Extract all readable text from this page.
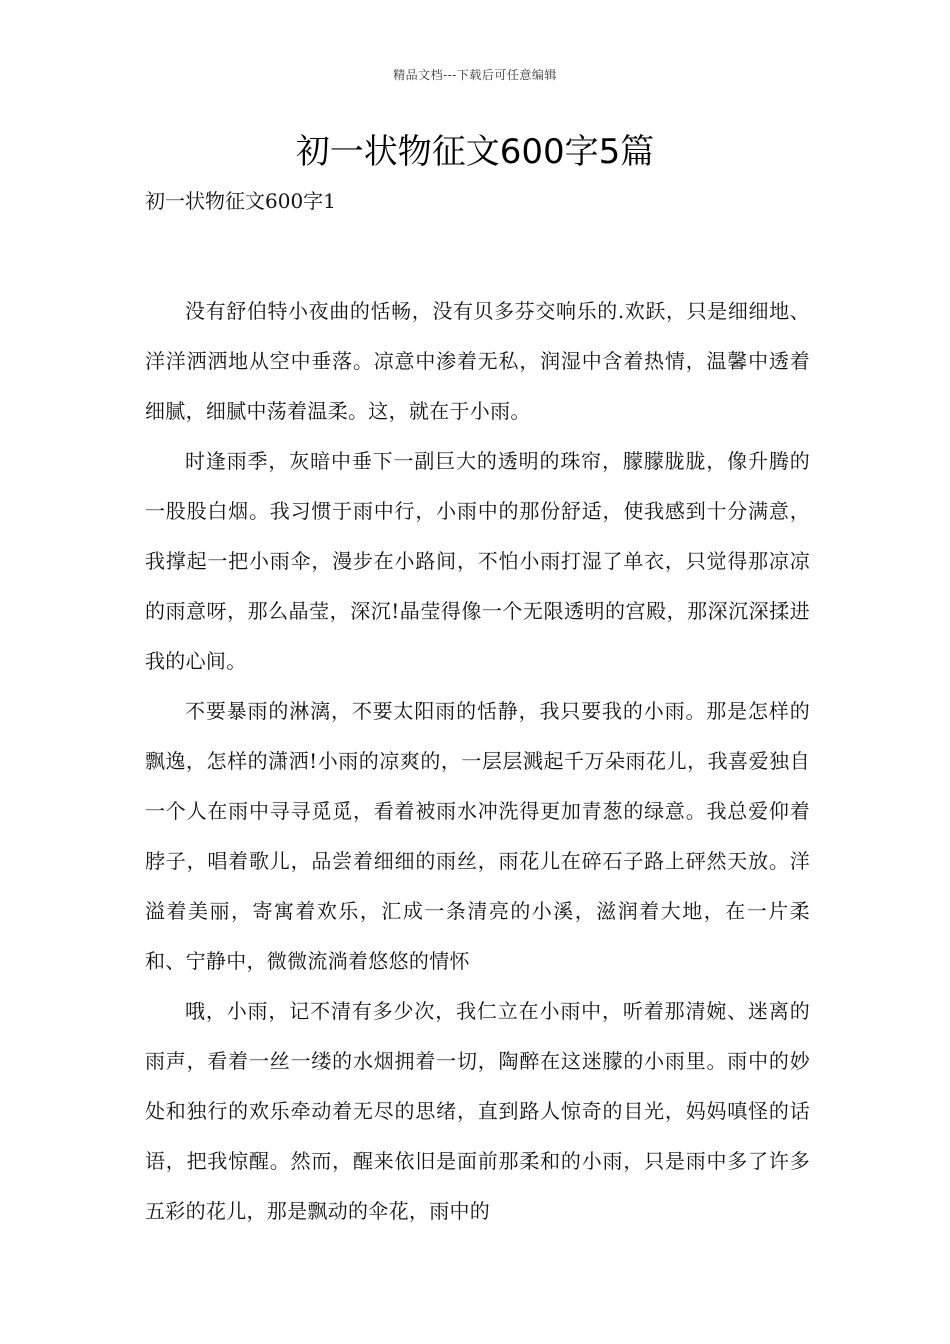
精品文档---下载后可任意编辑
初一状物征文600字5篇
初一状物征文600字1

没有舒伯特小夜曲的恬畅，没有贝多芬交响乐的.欢跃，只是细细地、洋洋洒洒地从空中垂落。凉意中渗着无私，润湿中含着热情，温馨中透着细腻，细腻中荡着温柔。这，就在于小雨。

时逢雨季，灰暗中垂下一副巨大的透明的珠帘，朦朦胧胧，像升腾的一股股白烟。我习惯于雨中行，小雨中的那份舒适，使我感到十分满意，我撑起一把小雨伞，漫步在小路间，不怕小雨打湿了单衣，只觉得那凉凉的雨意呀，那么晶莹，深沉!晶莹得像一个无限透明的宫殿，那深沉深揉进我的心间。

不要暴雨的淋漓，不要太阳雨的恬静，我只要我的小雨。那是怎样的飘逸，怎样的潇洒!小雨的凉爽的，一层层溅起千万朵雨花儿，我喜爱独自一个人在雨中寻寻觅觅，看着被雨水冲洗得更加青葱的绿意。我总爱仰着脖子，唱着歌儿，品尝着细细的雨丝，雨花儿在碎石子路上砰然天放。洋溢着美丽，寄寓着欢乐，汇成一条清亮的小溪，滋润着大地，在一片柔和、宁静中，微微流淌着悠悠的情怀

哦，小雨，记不清有多少次，我仁立在小雨中，听着那清婉、迷离的雨声，看着一丝一缕的水烟拥着一切，陶醉在这迷朦的小雨里。雨中的妙处和独行的欢乐牵动着无尽的思绪，直到路人惊奇的目光，妈妈嗔怪的话语，把我惊醒。然而，醒来依旧是面前那柔和的小雨，只是雨中多了许多五彩的花儿，那是飘动的伞花，雨中的
